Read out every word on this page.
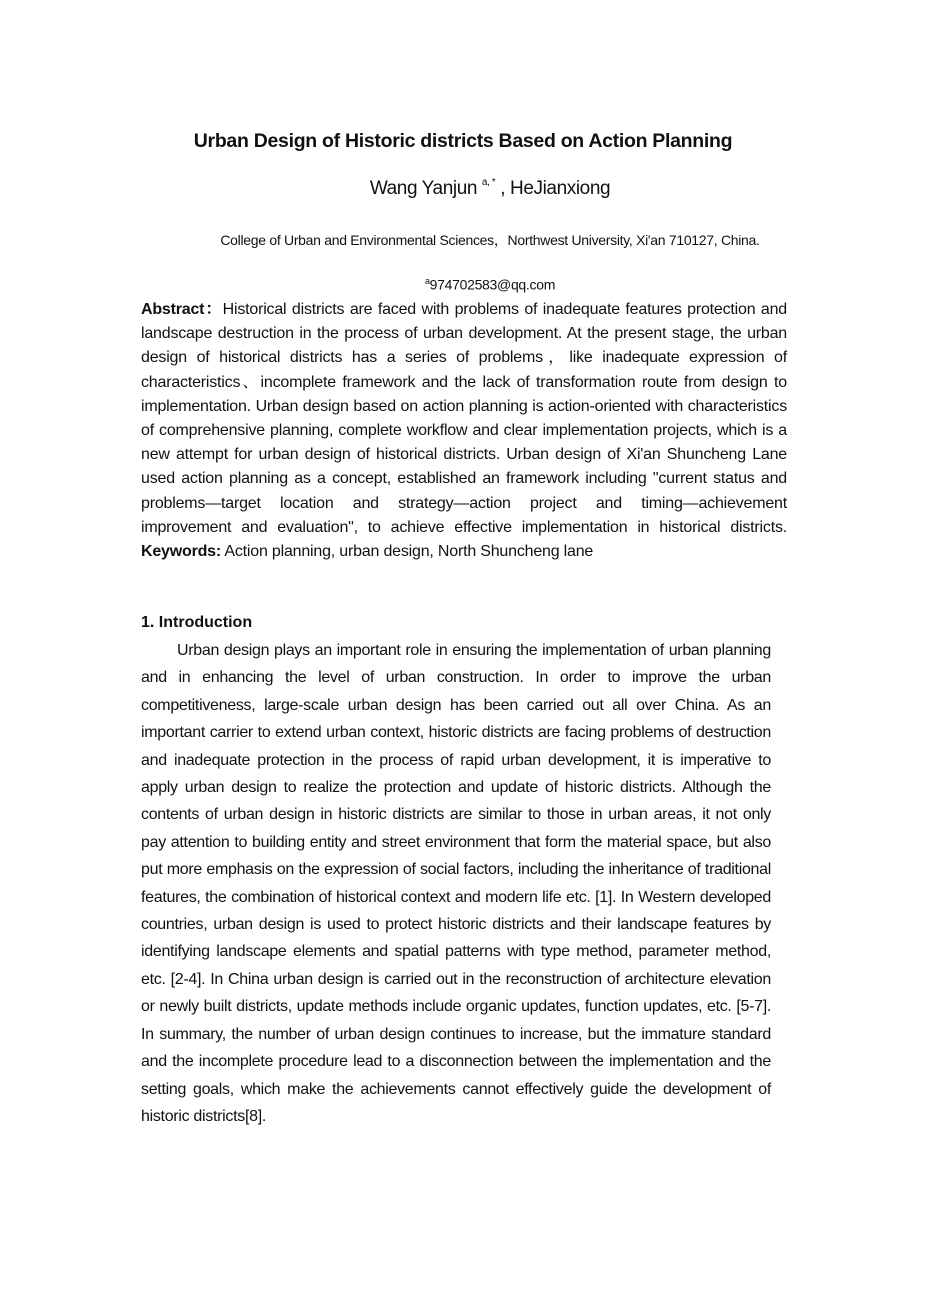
Urban Design of Historic districts Based on Action Planning
Wang Yanjun $^{a, *}$ , HeJianxiong
College of Urban and Environmental Sciences，Northwest University, Xi'an 710127, China.
$^a$974702583@qq.com

Abstract：Historical districts are faced with problems of inadequate features protection and landscape destruction in the process of urban development. At the present stage, the urban design of historical districts has a series of problems，like inadequate expression of characteristics、incomplete framework and the lack of transformation route from design to implementation. Urban design based on action planning is action-oriented with characteristics of comprehensive planning, complete workflow and clear implementation projects, which is a new attempt for urban design of historical districts. Urban design of Xi'an Shuncheng Lane used action planning as a concept, established an framework including "current status and problems—target location and strategy—action project and timing—achievement improvement and evaluation", to achieve effective implementation in historical districts. Keywords: Action planning, urban design, North Shuncheng lane

1. Introduction

Urban design plays an important role in ensuring the implementation of urban planning and in enhancing the level of urban construction. In order to improve the urban competitiveness, large-scale urban design has been carried out all over China. As an important carrier to extend urban context, historic districts are facing problems of destruction and inadequate protection in the process of rapid urban development, it is imperative to apply urban design to realize the protection and update of historic districts. Although the contents of urban design in historic districts are similar to those in urban areas, it not only pay attention to building entity and street environment that form the material space, but also put more emphasis on the expression of social factors, including the inheritance of traditional features, the combination of historical context and modern life etc. [1]. In Western developed countries, urban design is used to protect historic districts and their landscape features by identifying landscape elements and spatial patterns with type method, parameter method, etc. [2-4]. In China urban design is carried out in the reconstruction of architecture elevation or newly built districts, update methods include organic updates, function updates, etc. [5-7]. In summary, the number of urban design continues to increase, but the immature standard and the incomplete procedure lead to a disconnection between the implementation and the setting goals, which make the achievements cannot effectively guide the development of historic districts[8].
